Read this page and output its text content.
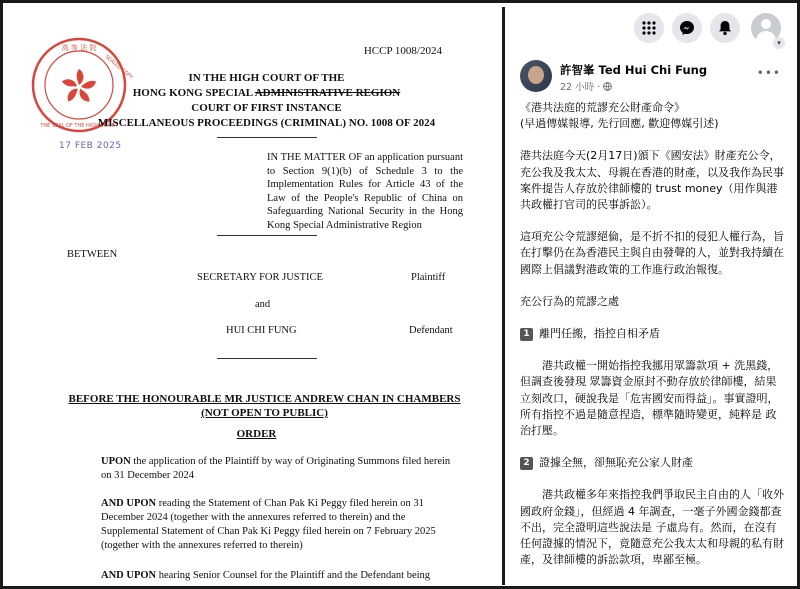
高 等 法 院
SEALED COPY
THE SEAL OF THE HIGH COURT
17 FEB 2025
HCCP 1008/2024
IN THE HIGH COURT OF THE
HONG KONG SPECIAL ADMINISTRATIVE REGION
COURT OF FIRST INSTANCE
MISCELLANEOUS PROCEEDINGS (CRIMINAL) NO. 1008 OF 2024
IN THE MATTER OF an application pursuant to Section 9(1)(b) of Schedule 3 to the Implementation Rules for Article 43 of the Law of the People's Republic of China on Safeguarding National Security in the Hong Kong Special Administrative Region
BETWEEN
SECRETARY FOR JUSTICE	Plaintiff
and
HUI CHI FUNG	Defendant
BEFORE THE HONOURABLE MR JUSTICE ANDREW CHAN IN CHAMBERS (NOT OPEN TO PUBLIC)
ORDER
UPON the application of the Plaintiff by way of Originating Summons filed herein on 31 December 2024
AND UPON reading the Statement of Chan Pak Ki Peggy filed herein on 31 December 2024 (together with the annexures referred to therein) and the Supplemental Statement of Chan Pak Ki Peggy filed herein on 7 February 2025 (together with the annexures referred to therein)
AND UPON hearing Senior Counsel for the Plaintiff and the Defendant being
▾
許智峯 Ted Hui Chi Fung
22 小時 ·
•••

《港共法庭的荒謬充公財產命令》

(早過傳媒報導, 先行回應, 歡迎傳媒引述)

港共法庭今天(2月17日)頒下《國安法》財產充公令，充公我及我太太、母親在香港的財產，以及我作為民事案件提告人存放於律師樓的 trust money（用作與港共政權打官司的民事訴訟）。

這項充公令荒謬絕倫，是不折不扣的侵犯人權行為，旨在打擊仍在為香港民主與自由發聲的人，並對我持續在國際上倡議對港政策的工作進行政治報復。

充公行為的荒謬之處

1 離門任搬，指控自相矛盾

港共政權一開始指控我挪用眾籌款項 + 洗黑錢，但調查後發現 眾籌資金原封不動存放於律師樓，結果立刻改口，硬說我是「危害國安而得益」。事實證明，所有指控不過是隨意捏造，標準隨時變更，純粹是 政治打壓。

2 證據全無，卻無恥充公家人財產

港共政權多年來指控我們爭取民主自由的人「收外國政府金錢」，但經過 4 年調查，一毫子外國金錢都查不出，完全證明這些說法是 子虛烏有。然而，在沒有任何證據的情況下，竟隨意充公我太太和母親的私有財產，及律師樓的訴訟款項，卑鄙至極。
